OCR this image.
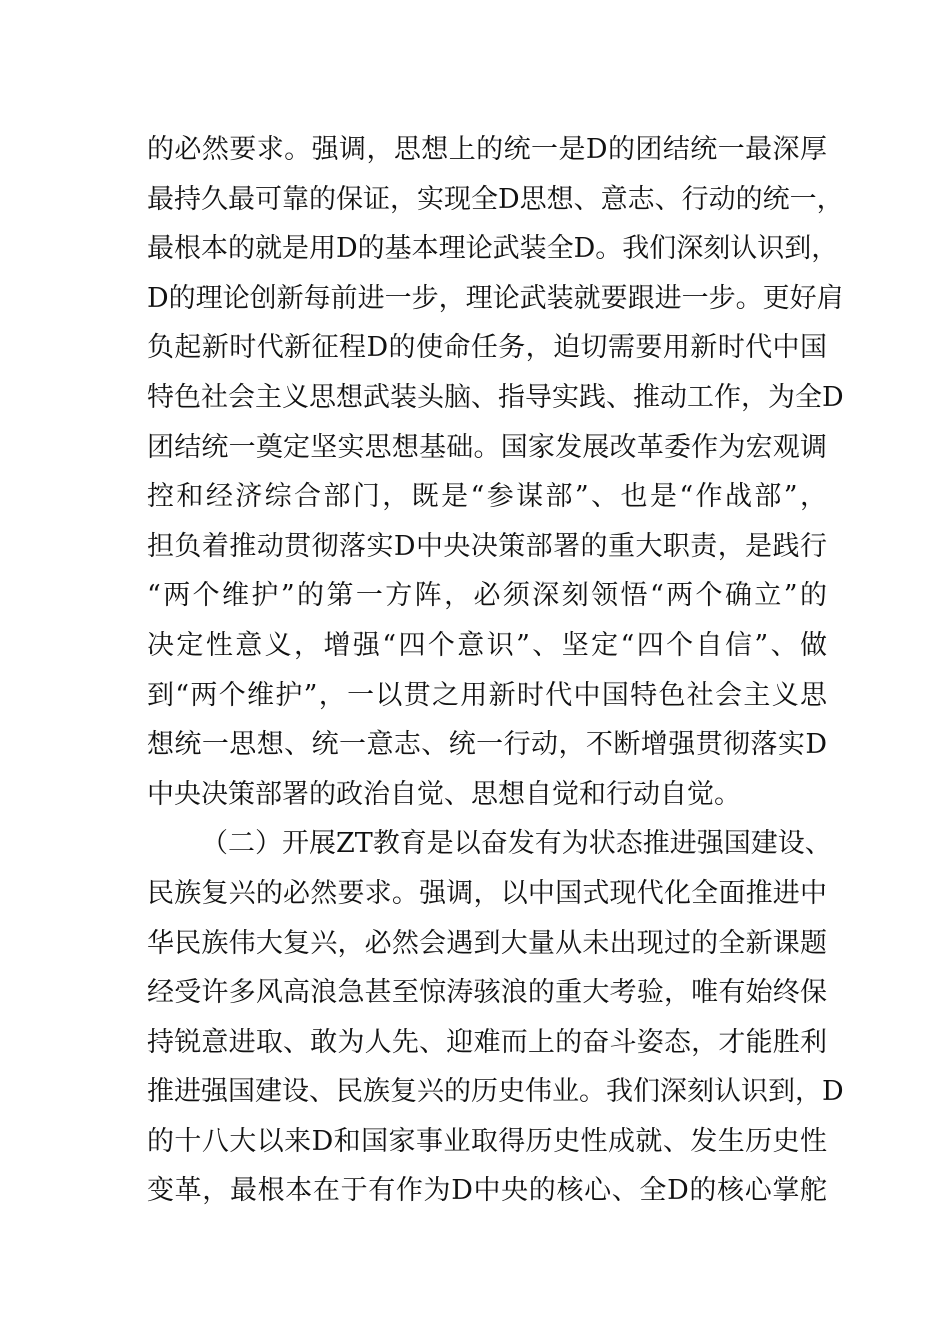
的必然要求。强调，思想上的统一是D的团结统一最深厚
最持久最可靠的保证，实现全D思想、意志、行动的统一，
最根本的就是用D的基本理论武装全D。我们深刻认识到，
D的理论创新每前进一步，理论武装就要跟进一步。更好肩
负起新时代新征程D的使命任务，迫切需要用新时代中国
特色社会主义思想武装头脑、指导实践、推动工作，为全D
团结统一奠定坚实思想基础。国家发展改革委作为宏观调
控和经济综合部门，既是“参谋部”、也是“作战部”，
担负着推动贯彻落实D中央决策部署的重大职责，是践行
“两个维护”的第一方阵，必须深刻领悟“两个确立”的
决定性意义，增强“四个意识”、坚定“四个自信”、做
到“两个维护”，一以贯之用新时代中国特色社会主义思
想统一思想、统一意志、统一行动，不断增强贯彻落实D
中央决策部署的政治自觉、思想自觉和行动自觉。
（二）开展ZT教育是以奋发有为状态推进强国建设、
民族复兴的必然要求。强调，以中国式现代化全面推进中
华民族伟大复兴，必然会遇到大量从未出现过的全新课题
经受许多风高浪急甚至惊涛骇浪的重大考验，唯有始终保
持锐意进取、敢为人先、迎难而上的奋斗姿态，才能胜利
推进强国建设、民族复兴的历史伟业。我们深刻认识到，D
的十八大以来D和国家事业取得历史性成就、发生历史性
变革，最根本在于有作为D中央的核心、全D的核心掌舵
